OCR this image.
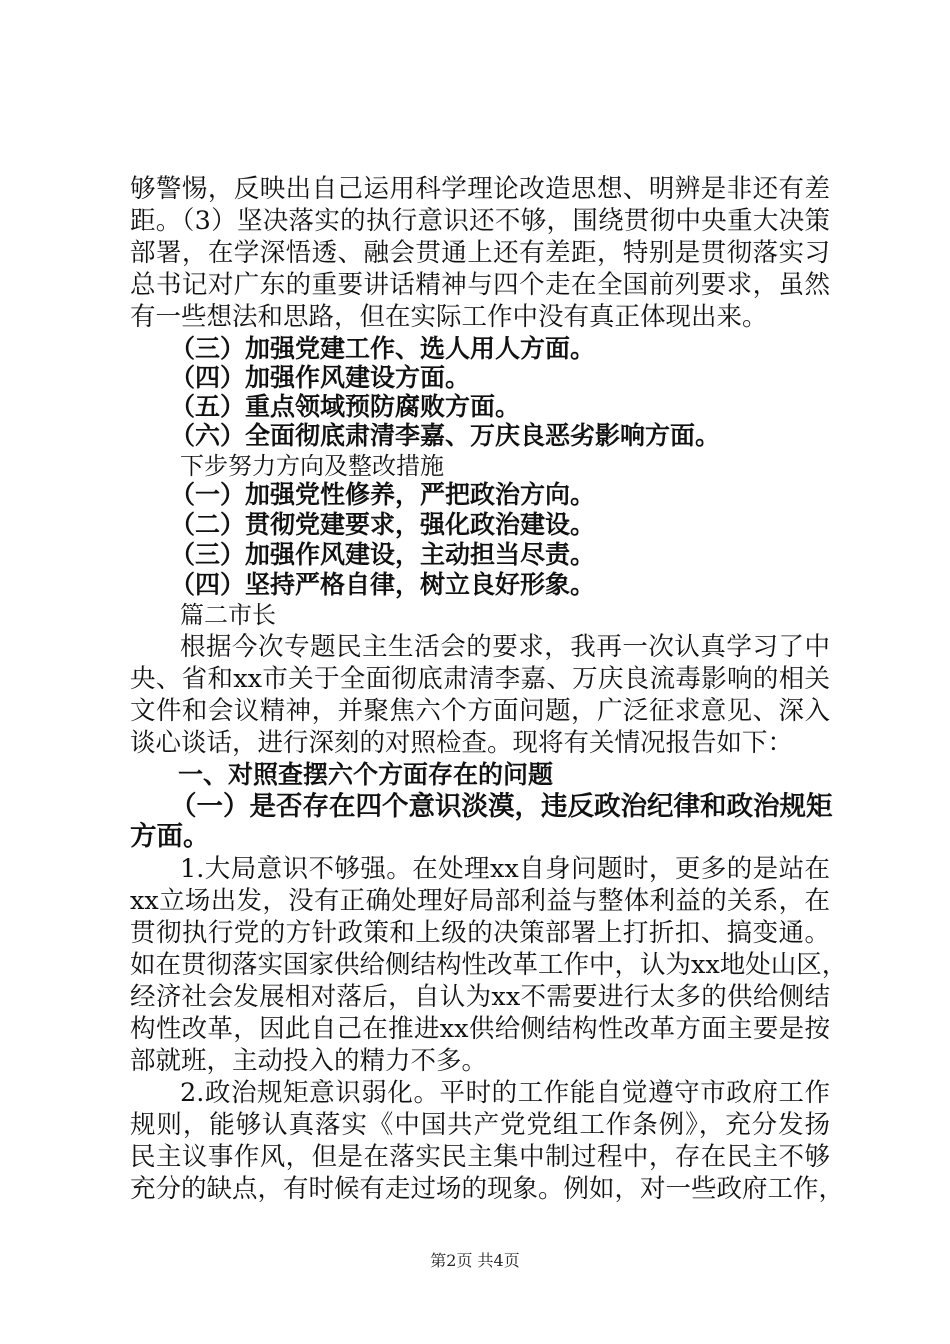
够警惕，反映出自己运用科学理论改造思想、明辨是非还有差
距。（3）坚决落实的执行意识还不够，围绕贯彻中央重大决策
部署，在学深悟透、融会贯通上还有差距，特别是贯彻落实习
总书记对广东的重要讲话精神与四个走在全国前列要求，虽然
有一些想法和思路，但在实际工作中没有真正体现出来。
（三）加强党建工作、选人用人方面。
（四）加强作风建设方面。
（五）重点领域预防腐败方面。
（六）全面彻底肃清李嘉、万庆良恶劣影响方面。
下步努力方向及整改措施
（一）加强党性修养，严把政治方向。
（二）贯彻党建要求，强化政治建设。
（三）加强作风建设，主动担当尽责。
（四）坚持严格自律，树立良好形象。
篇二市长
根据今次专题民主生活会的要求，我再一次认真学习了中
央、省和xx市关于全面彻底肃清李嘉、万庆良流毒影响的相关
文件和会议精神，并聚焦六个方面问题，广泛征求意见、深入
谈心谈话，进行深刻的对照检查。现将有关情况报告如下：
一、对照查摆六个方面存在的问题
（一）是否存在四个意识淡漠，违反政治纪律和政治规矩
方面。
1.大局意识不够强。在处理xx自身问题时，更多的是站在
xx立场出发，没有正确处理好局部利益与整体利益的关系，在
贯彻执行党的方针政策和上级的决策部署上打折扣、搞变通。
如在贯彻落实国家供给侧结构性改革工作中，认为xx地处山区，
经济社会发展相对落后，自认为xx不需要进行太多的供给侧结
构性改革，因此自己在推进xx供给侧结构性改革方面主要是按
部就班，主动投入的精力不多。
2.政治规矩意识弱化。平时的工作能自觉遵守市政府工作
规则，能够认真落实《中国共产党党组工作条例》，充分发扬
民主议事作风，但是在落实民主集中制过程中，存在民主不够
充分的缺点，有时候有走过场的现象。例如，对一些政府工作，
第2页 共4页
